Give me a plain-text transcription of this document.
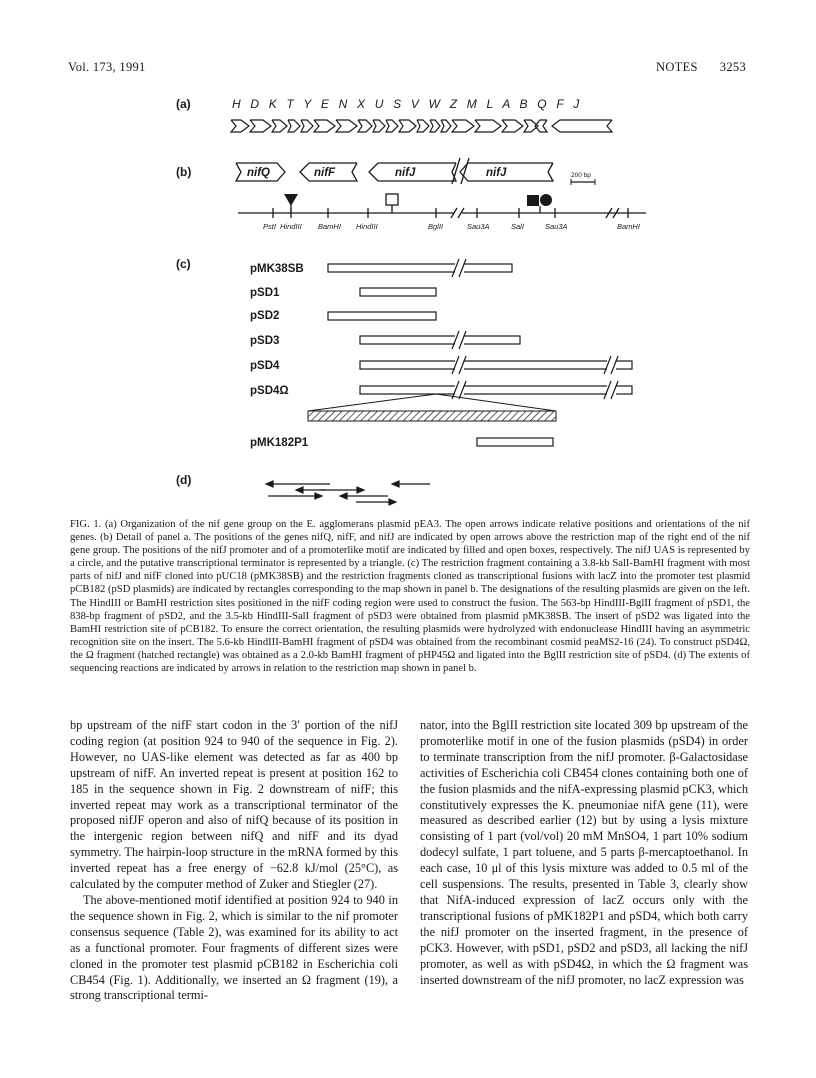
Vol. 173, 1991	NOTES 3253
(a)	H D K T Y E N X U S V W Z M L A B Q F J
(b)	nifQ	nifF	nifJ	nifJ	200 bp
PstI HindIII BamHI HindIII	BglII	Sau3A	SalI	Sau3A	BamHI
(c)	pMK38SB
pSD1
pSD2
pSD3
pSD4
pSD4Ω
pMK182P1
(d)

FIG. 1. (a) Organization of the nif gene group on the E. agglomerans plasmid pEA3. The open arrows indicate relative positions and orientations of the nif genes. (b) Detail of panel a. The positions of the genes nifQ, nifF, and nifJ are indicated by open arrows above the restriction map of the right end of the nif gene group. The positions of the nifJ promoter and of a promoterlike motif are indicated by filled and open boxes, respectively. The nifJ UAS is represented by a circle, and the putative transcriptional terminator is represented by a triangle. (c) The restriction fragment containing a 3.8-kb SalI-BamHI fragment with most parts of nifJ and nifF cloned into pUC18 (pMK38SB) and the restriction fragments cloned as transcriptional fusions with lacZ into the promoter test plasmid pCB182 (pSD plasmids) are indicated by rectangles corresponding to the map shown in panel b. The designations of the resulting plasmids are given on the left. The HindIII or BamHI restriction sites positioned in the nifF coding region were used to construct the fusion. The 563-bp HindIII-BglII fragment of pSD1, the 838-bp fragment of pSD2, and the 3.5-kb HindIII-SalI fragment of pSD3 were obtained from plasmid pMK38SB. The insert of pSD2 was ligated into the BamHI restriction site of pCB182. To ensure the correct orientation, the resulting plasmids were hydrolyzed with endonuclease HindIII having an asymmetric recognition site on the insert. The 5.6-kb HindIII-BamHI fragment of pSD4 was obtained from the recombinant cosmid peaMS2-16 (24). To construct pSD4Ω, the Ω fragment (hatched rectangle) was obtained as a 2.0-kb BamHI fragment of pHP45Ω and ligated into the BglII restriction site of pSD4. (d) The extents of sequencing reactions are indicated by arrows in relation to the restriction map shown in panel b.

bp upstream of the nifF start codon in the 3′ portion of the nifJ coding region (at position 924 to 940 of the sequence in Fig. 2). However, no UAS-like element was detected as far as 400 bp upstream of nifF. An inverted repeat is present at position 162 to 185 in the sequence shown in Fig. 2 downstream of nifF; this inverted repeat may work as a transcriptional terminator of the proposed nifJF operon and also of nifQ because of its position in the intergenic region between nifQ and nifF and its dyad symmetry. The hairpin-loop structure in the mRNA formed by this inverted repeat has a free energy of −62.8 kJ/mol (25°C), as calculated by the computer method of Zuker and Stiegler (27).

The above-mentioned motif identified at position 924 to 940 in the sequence shown in Fig. 2, which is similar to the nif promoter consensus sequence (Table 2), was examined for its ability to act as a functional promoter. Four fragments of different sizes were cloned in the promoter test plasmid pCB182 in Escherichia coli CB454 (Fig. 1). Additionally, we inserted an Ω fragment (19), a strong transcriptional termi-

nator, into the BglII restriction site located 309 bp upstream of the promoterlike motif in one of the fusion plasmids (pSD4) in order to terminate transcription from the nifJ promoter. β-Galactosidase activities of Escherichia coli CB454 clones containing both one of the fusion plasmids and the nifA-expressing plasmid pCK3, which constitutively expresses the K. pneumoniae nifA gene (11), were measured as described earlier (12) but by using a lysis mixture consisting of 1 part (vol/vol) 20 mM MnSO4, 1 part 10% sodium dodecyl sulfate, 1 part toluene, and 5 parts β-mercaptoethanol. In each case, 10 μl of this lysis mixture was added to 0.5 ml of the cell suspensions. The results, presented in Table 3, clearly show that NifA-induced expression of lacZ occurs only with the transcriptional fusions of pMK182P1 and pSD4, which both carry the nifJ promoter on the inserted fragment, in the presence of pCK3. However, with pSD1, pSD2 and pSD3, all lacking the nifJ promoter, as well as with pSD4Ω, in which the Ω fragment was inserted downstream of the nifJ promoter, no lacZ expression was
